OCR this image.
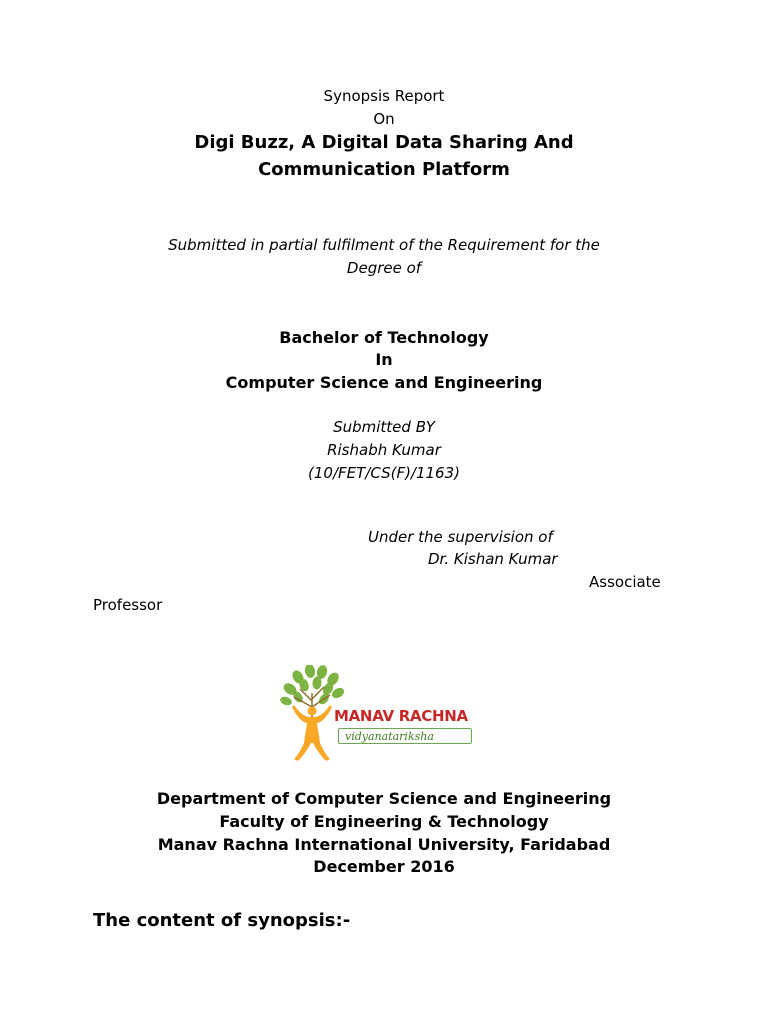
Synopsis Report
On
Digi Buzz, A Digital Data Sharing And
Communication Platform
Submitted in partial fulfilment of the Requirement for the
Degree of
Bachelor of Technology
In
Computer Science and Engineering
Submitted BY
Rishabh Kumar
(10/FET/CS(F)/1163)
Under the supervision of
Dr. Kishan Kumar
Associate
Professor
MANAV RACHNA
vidyanatariksha
Department of Computer Science and Engineering
Faculty of Engineering & Technology
Manav Rachna International University, Faridabad
December 2016
The content of synopsis:-
